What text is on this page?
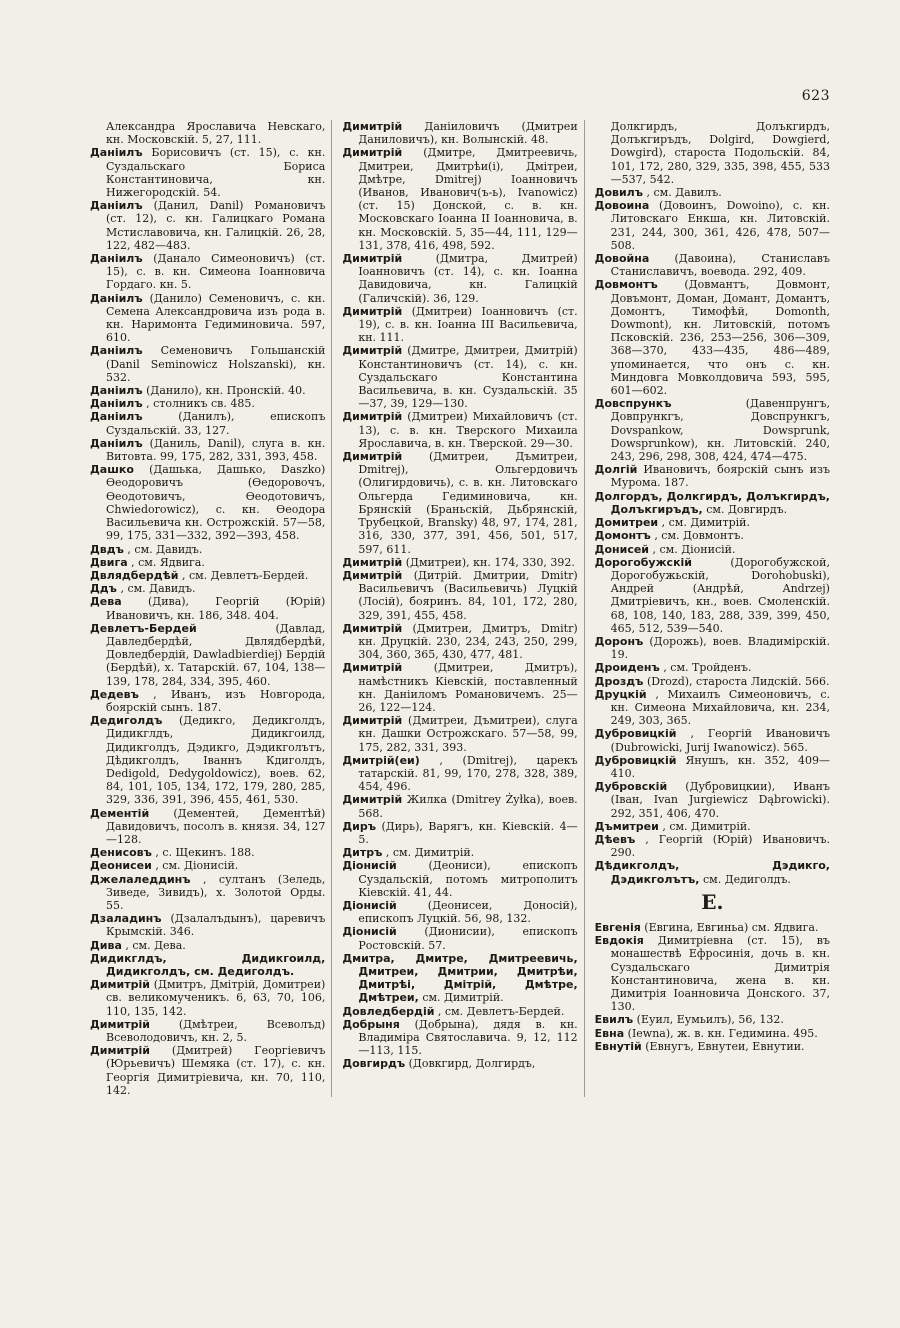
623

Александра Ярославича Невскаго, кн. Московскій. 5, 27, 111.

Даніилъ Борисовичъ (ст. 15), с. кн. Суздальскаго Бориса Константиновича, кн. Нижегородскій. 54.

Даніилъ (Данил, Danil) Романовичъ (ст. 12), с. кн. Галицкаго Романа Мстиславовича, кн. Галицкій. 26, 28, 122, 482—483.

Даніилъ (Данало Симеоновичъ) (ст. 15), с. в. кн. Симеона Іоанновича Гордаго. кн. 5.

Даніилъ (Данило) Семеновичъ, с. кн. Семена Александровича изъ рода в. кн. Наримонта Гедиминовича. 597, 610.

Даніилъ Семеновичъ Гольшанскій (Danil Seminowicz Holszanski), кн. 532.

Даніилъ (Данило), кн. Пронскій. 40.

Даніилъ , столникъ св. 485.

Даніилъ	(Данилъ), епископъ Суздальскій. 33, 127.

Даніилъ (Даниль, Danil), слуга в. кн. Витовта. 99, 175, 282, 331, 393, 458.

Дашко (Дашька, Дашько, Daszko) Ѳеодоровичъ (Ѳедоровочъ, Ѳеодотовичъ, Ѳеодотовичъ, Chwiedorowicz), с. кн. Ѳеодора Васильевича кн. Острожскій. 57—58, 99, 175, 331—332, 392—393, 458.

Двдъ , см. Давидъ.

Двига , см. Ядвига.

Двлядбердѣй , см. Девлетъ-Бердей.

Ддъ , см. Давидъ.

Дева (Дива), Георгій (Юрій) Ивановичъ, кн. 186, 348. 404.

Девлетъ-Бердей	(Давлад, Давледбердѣй, Двлядбердѣй, Довледбердій, Dawladbierdiej) Бердій (Бердѣй), х. Татарскій. 67, 104, 138—139, 178, 284, 334, 395, 460.

Дедевъ , Иванъ, изъ Новгорода, боярскій сынъ. 187.

Дедиголдъ (Дедикго, Дедикголдъ, Дидикглдъ, Дидикгоилд, Дидикголдъ, Дэдикго, Дэдикголътъ, Дѣдикголдъ, Іваннъ Кдиголдъ, Dedigold, Dedygoldowicz), воев. 62, 84, 101, 105, 134, 172, 179, 280, 285, 329, 336, 391, 396, 455, 461, 530.

Дементій (Дементей, Дементѣй) Давидовичъ, посолъ в. князя. 34, 127—128.

Денисовъ , с. Щекинъ. 188.

Деонисеи , см. Діонисій.

Джелаледдинъ , султанъ (Зеледь, Зиведе, Зивидъ), х. Золотой Орды. 55.

Дзаладинъ (Дзалалъдынъ), царевичъ Крымскій. 346.

Дива , см. Дева.

Дидикглдъ, Дидикгоилд, Дидикголдъ, см. Дедиголдъ.

Димитрій (Дмитръ, Дмітрій, Домитреи) св. великомученикъ. 6, 63, 70, 106, 110, 135, 142.

Димитрій	(Дмѣтреи, Всеволъд) Всеволодовичъ, кн. 2, 5.

Димитрій (Дмитрей) Георгіевичъ (Юрьевичъ) Шемяка (ст. 17), с. кн. Георгія Димитріевича, кн. 70, 110, 142.

Димитрій Даніиловичъ (Дмитреи Даниловичъ), кн. Волынскій. 48.

Димитрій (Дмитре, Дмитреевичь, Дмитреи, Дмитрѣи(і), Дмітреи, Дмѣтре, Dmitrej) Іоанновичъ (Иванов, Иванович(ъ-ь), Ivanowicz) (ст. 15) Донской, с. в. кн. Московскаго Іоанна II Іоанновича, в. кн. Московскій. 5, 35—44, 111, 129—131, 378, 416, 498, 592.

Димитрій	(Дмитра, Дмитрей) Іоанновичъ (ст. 14), с. кн. Іоанна Давидовича, кн. Галицкій (Галичскій). 36, 129.

Димитрій (Дмитреи) Іоанновичъ (ст. 19), с. в. кн. Іоанна III Васильевича, кн. 111.

Димитрій (Дмитре, Дмитреи, Дмитрій) Константиновичъ (ст. 14), с. кн. Суздальскаго Константина Васильевича, в. кн. Суздальскій. 35—37, 39, 129—130.

Димитрій (Дмитреи) Михайловичъ (ст. 13), с. в. кн. Тверского Михаила Ярославича, в. кн. Тверской. 29—30.

Димитрій (Дмитреи, Дъмитреи, Dmitrej), Ольгердовичъ (Олигирдовичь), с. в. кн. Литовскаго Ольгерда Гедиминовича, кн. Брянскій (Браньскій, Дьбрянскій, Трубецкой, Bransky) 48, 97, 174, 281, 316, 330, 377, 391, 456, 501, 517, 597, 611.

Димитрій (Дмитреи), кн. 174, 330, 392.

Димитрій (Дитрій. Дмитрии, Dmitr) Васильевичъ (Васильевичь) Луцкій (Лосій), бояринъ. 84, 101, 172, 280, 329, 391, 455, 458.

Димитрій (Дмитреи, Дмитръ, Dmitr) кн. Друцкій. 230, 234, 243, 250, 299, 304, 360, 365, 430, 477, 481.

Димитрій	(Дмитреи, Дмитръ), намѣстникъ Кіевскій, поставленный кн. Даніиломъ Романовичемъ. 25—26, 122—124.

Димитрій (Дмитреи, Дъмитреи), слуга кн. Дашки Острожскаго. 57—58, 99, 175, 282, 331, 393.

Дмитрій(еи) , (Dmitrej), царекъ татарскій. 81, 99, 170, 278, 328, 389, 454, 496.

Димитрій Жилка (Dmitrey Żyłka), воев. 568.

Диръ (Дирь), Варягъ, кн. Кіевскій. 4—5.

Дитръ , см. Димитрій.

Діонисій	(Деониси), епископъ Суздальскій, потомъ митрополитъ Кіевскій. 41, 44.

Діонисій	(Деонисеи, Доносій), епископъ Луцкій. 56, 98, 132.

Діонисій	(Дионисии), епископъ Ростовскій. 57.

Дмитра, Дмитре, Дмитреевичь, Дмитреи, Дмитрии, Дмитрѣи, Дмитрѣі, Дмітрій, Дмѣтре, Дмѣтреи, см. Димитрій.

Довледбердій , см. Девлетъ-Бердей.

Добрыня (Добрына), дядя в. кн. Владиміра Святославича. 9, 12, 112—113, 115.

Довгирдъ (Довкгирд, Долгирдъ,

Долкгирдъ, Долъкгирдъ, Долъкгиръдъ, Dolgird, Dowgierd, Dowgird), староста Подольскій. 84, 101, 172, 280, 329, 335, 398, 455, 533—537, 542.

Довилъ , см. Давилъ.

Довоина (Довоинъ, Dowoino), с. кн. Литовскаго Енкша, кн. Литовскій. 231, 244, 300, 361, 426, 478, 507—508.

Довойна (Давоина), Станиславъ Станиславичъ, воевода. 292, 409.

Довмонтъ (Довмантъ, Довмонт, Довъмонт, Доман, Домант, Домантъ, Домонтъ, Тимофѣй, Domonth, Dowmont), кн. Литовскій, потомъ Псковскій. 236, 253—256, 306—309, 368—370, 433—435, 486—489, упоминается, что онъ с. кн. Миндовга Мовколдовича 593, 595, 601—602.

Довспрункъ	(Давенпрунгъ, Довпрункгъ, Довспрункгъ, Dovspankow, Dowsprunk, Dowsprunkow), кн. Литовскій. 240, 243, 296, 298, 308, 424, 474—475.

Долгій Ивановичъ, боярскій сынъ изъ Мурома. 187.

Долгордъ, Долкгирдъ, Долъкгирдъ, Долъкгиръдъ, см. Довгирдъ.

Домитреи , см. Димитрій.

Домонтъ , см. Довмонтъ.

Донисей , см. Діонисій.

Дорогобужскій	(Дорогобужской, Дорогобужьскій, Dorohobuski), Андрей (Андрѣй, Andrzej) Дмитріевичъ, кн., воев. Смоленскій. 68, 108, 140, 183, 288, 339, 399, 450, 465, 512, 539—540.

Доронъ (Дорожь), воев. Владимірскій. 19.

Дроиденъ , см. Тройденъ.

Дроздъ (Drozd), староста Лидскій. 566.

Друцкій , Михаилъ Симеоновичъ, с. кн. Симеона Михайловича, кн. 234, 249, 303, 365.

Дубровицкій , Георгій Ивановичъ (Dubrowicki, Jurij Iwanowicz). 565.

Дубровицкій Янушъ, кн. 352, 409—410.

Дубровскій (Дубровицкии), Иванъ (Іван, Ivan Jurgiewicz Dąbrowicki). 292, 351, 406, 470.

Дъмитреи , см. Димитрій.

Дѣевъ , Георгій (Юрій) Ивановичъ. 290.

Дѣдикголдъ, Дэдикго, Дэдикголътъ, см. Дедиголдъ.

Е.

Евгенія (Евгина, Евгиньа) см. Ядвига.

Евдокія Димитріевна (ст. 15), въ монашествѣ Ефросинія, дочь в. кн. Суздальскаго Димитрія Константиновича, жена в. кн. Димитрія Іоанновича Донского. 37, 130.

Евилъ (Еуил, Еумьилъ), 56, 132.

Евна (Iewna), ж. в. кн. Гедимина. 495.

Евнутій (Евнугъ, Евнутеи, Евнутии.
